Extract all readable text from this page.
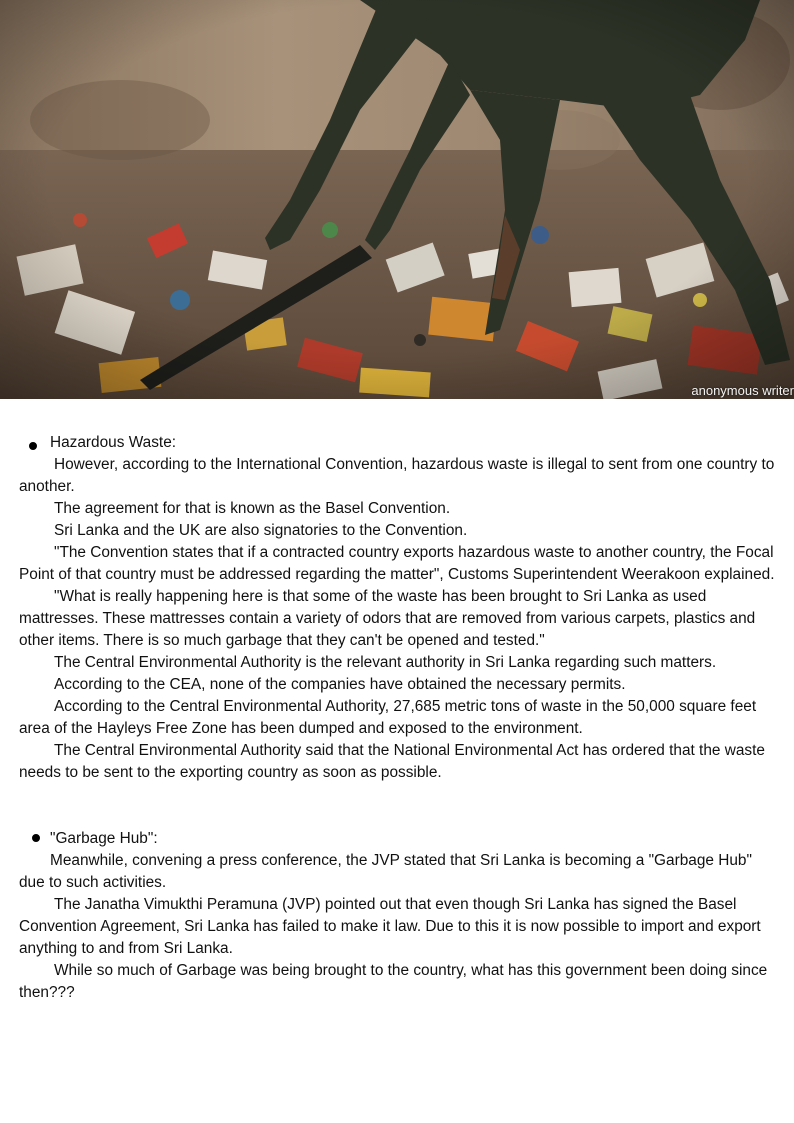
anonymous writer
Hazardous Waste:

However, according to the International Convention, hazardous waste is illegal to sent from one country to another.

The agreement for that is known as the Basel Convention.

Sri Lanka and the UK are also signatories to the Convention.

"The Convention states that if a contracted country exports hazardous waste to another country, the Focal Point of that country must be addressed regarding the matter", Customs Superintendent Weerakoon explained.

"What is really happening here is that some of the waste has been brought to Sri Lanka as used mattresses. These mattresses contain a variety of odors that are removed from various carpets, plastics and other items. There is so much garbage that they can't be opened and tested."

The Central Environmental Authority is the relevant authority in Sri Lanka regarding such matters.

According to the CEA, none of the companies have obtained the necessary permits.

According to the Central Environmental Authority, 27,685 metric tons of waste in the 50,000 square feet area of the Hayleys Free Zone has been dumped and exposed to the environment.

The Central Environmental Authority said that the National Environmental Act has ordered that the waste needs to be sent to the exporting country as soon as possible.

"Garbage Hub":

Meanwhile, convening a press conference, the JVP stated that Sri Lanka is becoming a "Garbage Hub" due to such activities.

The Janatha Vimukthi Peramuna (JVP) pointed out that even though Sri Lanka has signed the Basel Convention Agreement, Sri Lanka has failed to make it law. Due to this it is now possible to import and export anything to and from Sri Lanka.

While so much of Garbage was being brought to the country, what has this government been doing since then???
